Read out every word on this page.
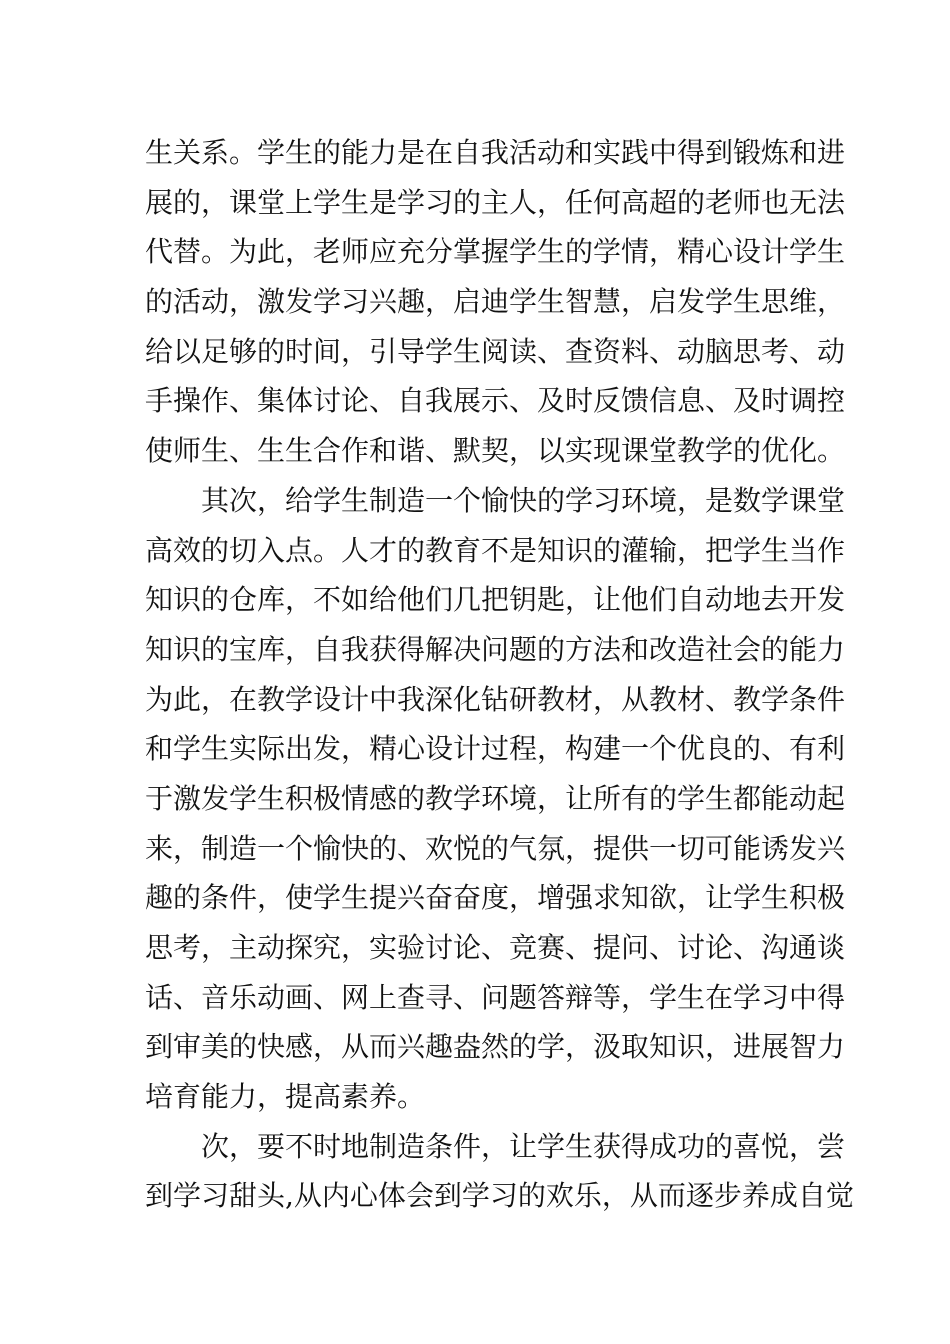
生关系。学生的能力是在自我活动和实践中得到锻炼和进
展的，课堂上学生是学习的主人，任何高超的老师也无法
代替。为此，老师应充分掌握学生的学情，精心设计学生
的活动，激发学习兴趣，启迪学生智慧，启发学生思维，
给以足够的时间，引导学生阅读、查资料、动脑思考、动
手操作、集体讨论、自我展示、及时反馈信息、及时调控
使师生、生生合作和谐、默契，以实现课堂教学的优化。
其次，给学生制造一个愉快的学习环境，是数学课堂
高效的切入点。人才的教育不是知识的灌输，把学生当作
知识的仓库，不如给他们几把钥匙，让他们自动地去开发
知识的宝库，自我获得解决问题的方法和改造社会的能力
为此，在教学设计中我深化钻研教材，从教材、教学条件
和学生实际出发，精心设计过程，构建一个优良的、有利
于激发学生积极情感的教学环境，让所有的学生都能动起
来，制造一个愉快的、欢悦的气氛，提供一切可能诱发兴
趣的条件，使学生提兴奋奋度，增强求知欲，让学生积极
思考，主动探究，实验讨论、竞赛、提问、讨论、沟通谈
话、音乐动画、网上查寻、问题答辩等，学生在学习中得
到审美的快感，从而兴趣盎然的学，汲取知识，进展智力
培育能力，提高素养。
次，要不时地制造条件，让学生获得成功的喜悦，尝
到学习甜头,从内心体会到学习的欢乐，从而逐步养成自觉
